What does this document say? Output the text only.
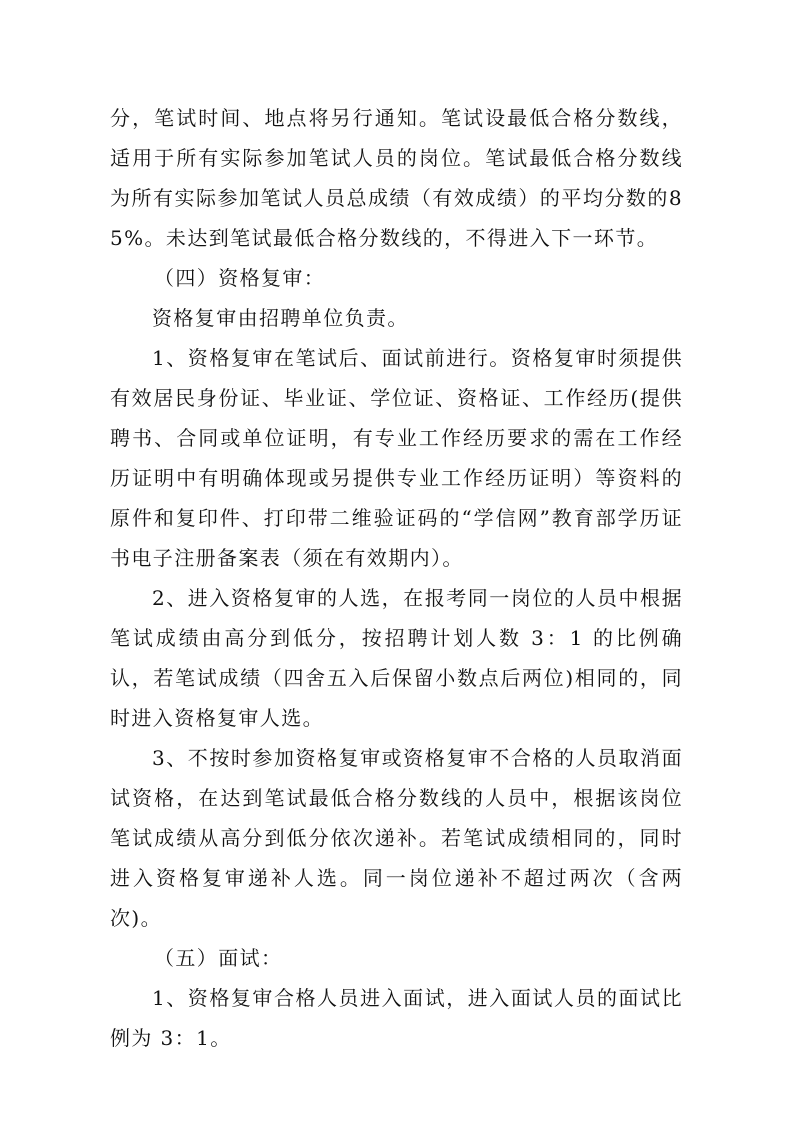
分，笔试时间、地点将另行通知。笔试设最低合格分数线，适用于所有实际参加笔试人员的岗位。笔试最低合格分数线为所有实际参加笔试人员总成绩（有效成绩）的平均分数的85%。未达到笔试最低合格分数线的，不得进入下一环节。

（四）资格复审：

资格复审由招聘单位负责。

1、资格复审在笔试后、面试前进行。资格复审时须提供有效居民身份证、毕业证、学位证、资格证、工作经历(提供聘书、合同或单位证明，有专业工作经历要求的需在工作经历证明中有明确体现或另提供专业工作经历证明）等资料的原件和复印件、打印带二维验证码的“学信网”教育部学历证书电子注册备案表（须在有效期内）。

2、进入资格复审的人选，在报考同一岗位的人员中根据笔试成绩由高分到低分，按招聘计划人数 3：1 的比例确认，若笔试成绩（四舍五入后保留小数点后两位)相同的，同时进入资格复审人选。

3、不按时参加资格复审或资格复审不合格的人员取消面试资格，在达到笔试最低合格分数线的人员中，根据该岗位笔试成绩从高分到低分依次递补。若笔试成绩相同的，同时进入资格复审递补人选。同一岗位递补不超过两次（含两次)。

（五）面试：

1、资格复审合格人员进入面试，进入面试人员的面试比例为 3：1。
